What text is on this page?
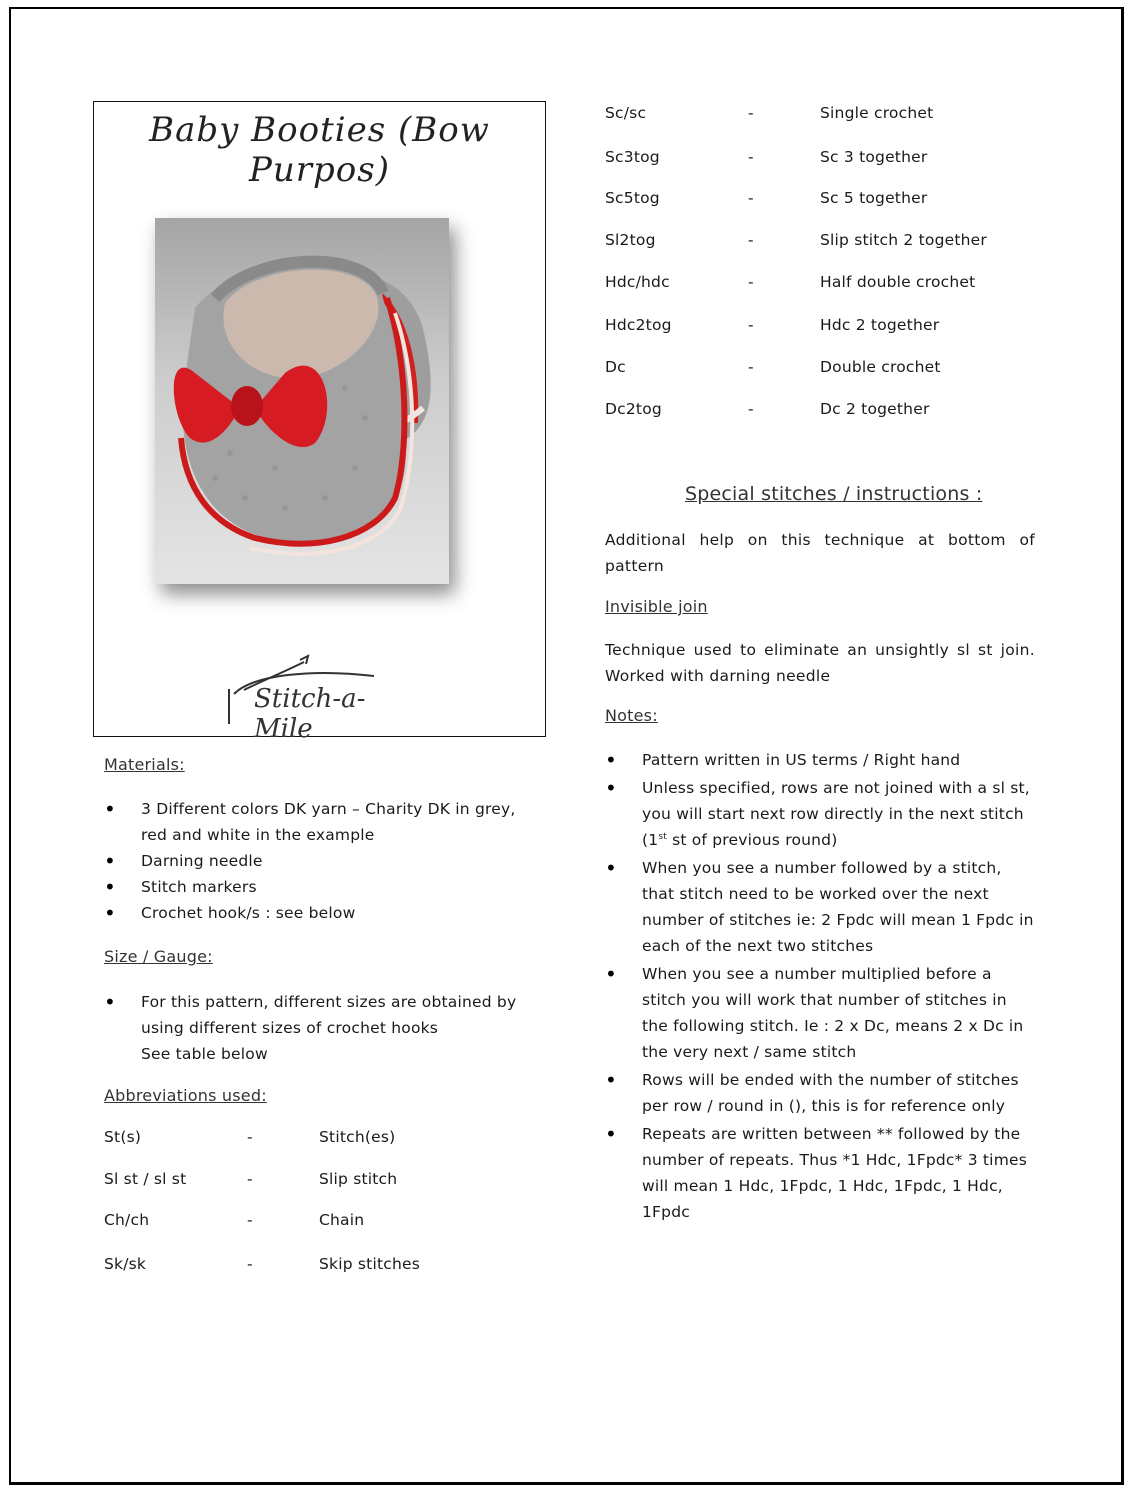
Baby Booties (Bow Purpos)
Stitch-a-Mile
Materials:
• 3 Different colors DK yarn – Charity DK in grey, red and white in the example
• Darning needle
• Stitch markers
• Crochet hook/s : see below
Size / Gauge:
• For this pattern, different sizes are obtained by using different sizes of crochet hooks
See table below
Abbreviations used:
St(s)	-	Stitch(es)
Sl st / sl st	-	Slip stitch
Ch/ch	-	Chain
Sk/sk	-	Skip stitches
Sc/sc	-	Single crochet
Sc3tog	-	Sc 3 together
Sc5tog	-	Sc 5 together
Sl2tog	-	Slip stitch 2 together
Hdc/hdc	-	Half double crochet
Hdc2tog	-	Hdc 2 together
Dc	-	Double crochet
Dc2tog	-	Dc 2 together
Special stitches / instructions :
Additional help on this technique at bottom of pattern
Invisible join
Technique used to eliminate an unsightly sl st join. Worked with darning needle
Notes:
• Pattern written in US terms / Right hand
• Unless specified, rows are not joined with a sl st, you will start next row directly in the next stitch (1st st of previous round)
• When you see a number followed by a stitch, that stitch need to be worked over the next number of stitches ie: 2 Fpdc will mean 1 Fpdc in each of the next two stitches
• When you see a number multiplied before a stitch you will work that number of stitches in the following stitch. Ie : 2 x Dc, means 2 x Dc in the very next / same stitch
• Rows will be ended with the number of stitches per row / round in (), this is for reference only
• Repeats are written between ** followed by the number of repeats. Thus *1 Hdc, 1Fpdc* 3 times will mean 1 Hdc, 1Fpdc, 1 Hdc, 1Fpdc, 1 Hdc, 1Fpdc
